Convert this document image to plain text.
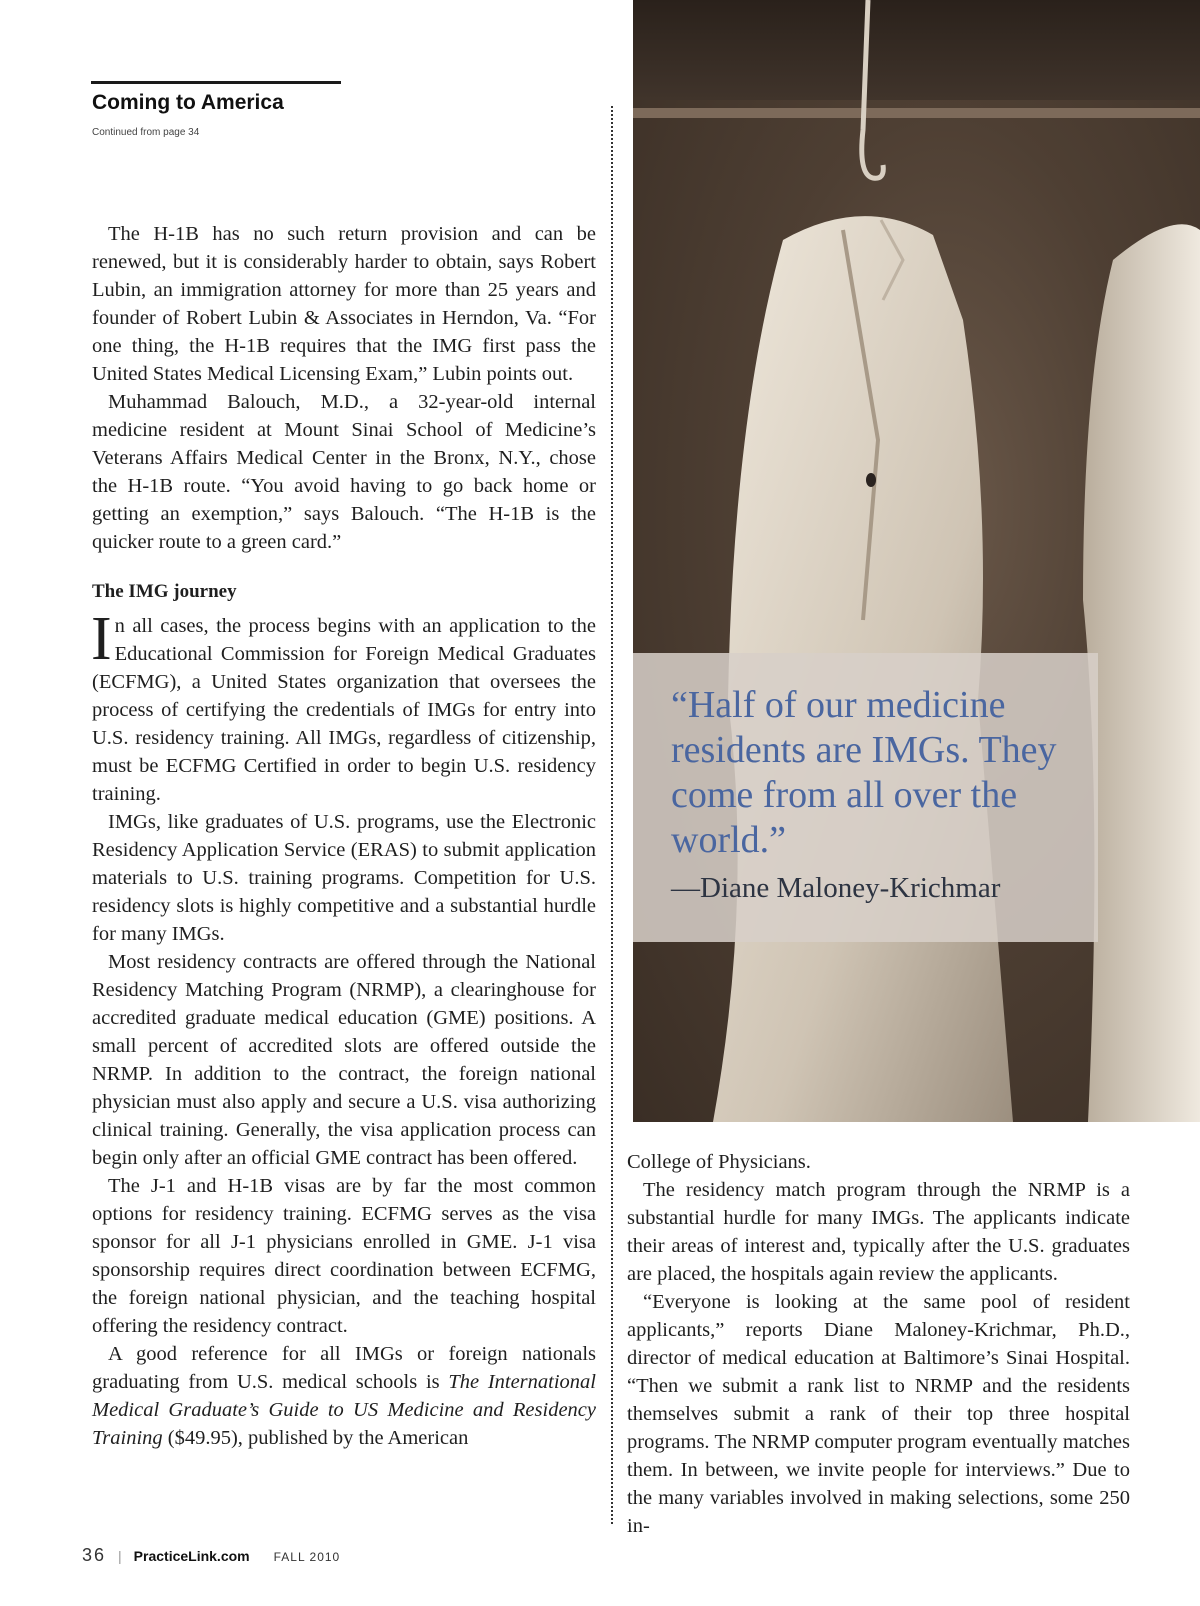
Coming to America
Continued from page 34

The H-1B has no such return provision and can be renewed, but it is considerably harder to obtain, says Robert Lubin, an immigration attorney for more than 25 years and founder of Robert Lubin & Associates in Herndon, Va. “For one thing, the H-1B requires that the IMG first pass the United States Medical Licensing Exam,” Lubin points out.

Muhammad Balouch, M.D., a 32-year-old internal medicine resident at Mount Sinai School of Medicine’s Veterans Affairs Medical Center in the Bronx, N.Y., chose the H-1B route. “You avoid having to go back home or getting an exemption,” says Balouch. “The H-1B is the quicker route to a green card.”

The IMG journey

In all cases, the process begins with an application to the Educational Commission for Foreign Medical Graduates (ECFMG), a United States organization that oversees the process of certifying the credentials of IMGs for entry into U.S. residency training. All IMGs, regardless of citizenship, must be ECFMG Certified in order to begin U.S. residency training.

IMGs, like graduates of U.S. programs, use the Electronic Residency Application Service (ERAS) to submit application materials to U.S. training programs. Competition for U.S. residency slots is highly competitive and a substantial hurdle for many IMGs.

Most residency contracts are offered through the National Residency Matching Program (NRMP), a clearinghouse for accredited graduate medical education (GME) positions. A small percent of accredited slots are offered outside the NRMP. In addition to the contract, the foreign national physician must also apply and secure a U.S. visa authorizing clinical training. Generally, the visa application process can begin only after an official GME contract has been offered.

The J-1 and H-1B visas are by far the most common options for residency training. ECFMG serves as the visa sponsor for all J-1 physicians enrolled in GME. J-1 visa sponsorship requires direct coordination between ECFMG, the foreign national physician, and the teaching hospital offering the residency contract.

A good reference for all IMGs or foreign nationals graduating from U.S. medical schools is The International Medical Graduate’s Guide to US Medicine and Residency Training ($49.95), published by the American

“Half of our medicine residents are IMGs. They come from all over the world.”
—Diane Maloney-Krichmar

College of Physicians.

The residency match program through the NRMP is a substantial hurdle for many IMGs. The applicants indicate their areas of interest and, typically after the U.S. graduates are placed, the hospitals again review the applicants.

“Everyone is looking at the same pool of resident applicants,” reports Diane Maloney-Krichmar, Ph.D., director of medical education at Baltimore’s Sinai Hospital. “Then we submit a rank list to NRMP and the residents themselves submit a rank of their top three hospital programs. The NRMP computer program eventually matches them. In between, we invite people for interviews.” Due to the many variables involved in making selections, some 250 in-

36 | PracticeLink.com FALL 2010
